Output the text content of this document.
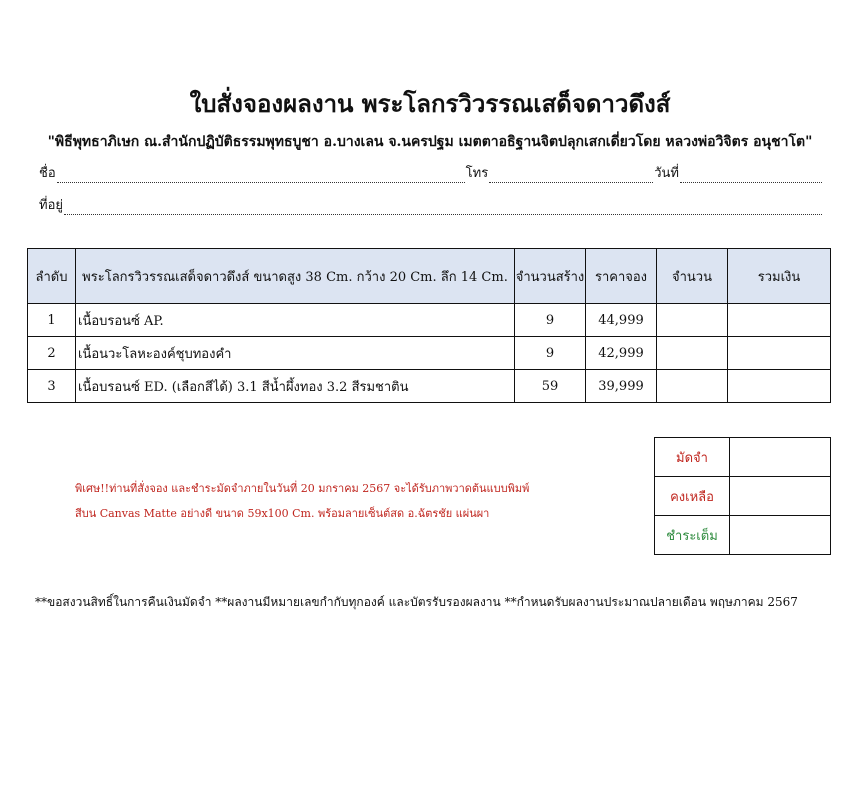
ใบสั่งจองผลงาน พระโลกรวิวรรณเสด็จดาวดึงส์
"พิธีพุทธาภิเษก ณ.สำนักปฏิบัติธรรมพุทธบูชา อ.บางเลน จ.นครปฐม เมตตาอธิฐานจิตปลุกเสกเดี่ยวโดย หลวงพ่อวิจิตร อนุชาโต"
ชื่อ	โทร	วันที่
ที่อยู่
ลำดับ	พระโลกรวิวรรณเสด็จดาวดึงส์ ขนาดสูง 38 Cm. กว้าง 20 Cm. ลึก 14 Cm.	จำนวนสร้าง	ราคาจอง	จำนวน	รวมเงิน
1	เนื้อบรอนซ์ AP.	9	44,999		
2	เนื้อนวะโลหะองค์ชุบทองคำ	9	42,999		
3	เนื้อบรอนซ์ ED. (เลือกสีได้) 3.1 สีน้ำผึ้งทอง 3.2 สีรมชาติน	59	39,999		
พิเศษ!!ท่านที่สั่งจอง และชำระมัดจำภายในวันที่ 20 มกราคม 2567 จะได้รับภาพวาดต้นแบบพิมพ์
สีบน Canvas Matte อย่างดี ขนาด 59x100 Cm. พร้อมลายเซ็นต์สด อ.ฉัตรชัย แผ่นผา
มัดจำ	
คงเหลือ	
ชำระเต็ม	
**ขอสงวนสิทธิ์ในการคืนเงินมัดจำ **ผลงานมีหมายเลขกำกับทุกองค์ และบัตรรับรองผลงาน **กำหนดรับผลงานประมาณปลายเดือน พฤษภาคม 2567
